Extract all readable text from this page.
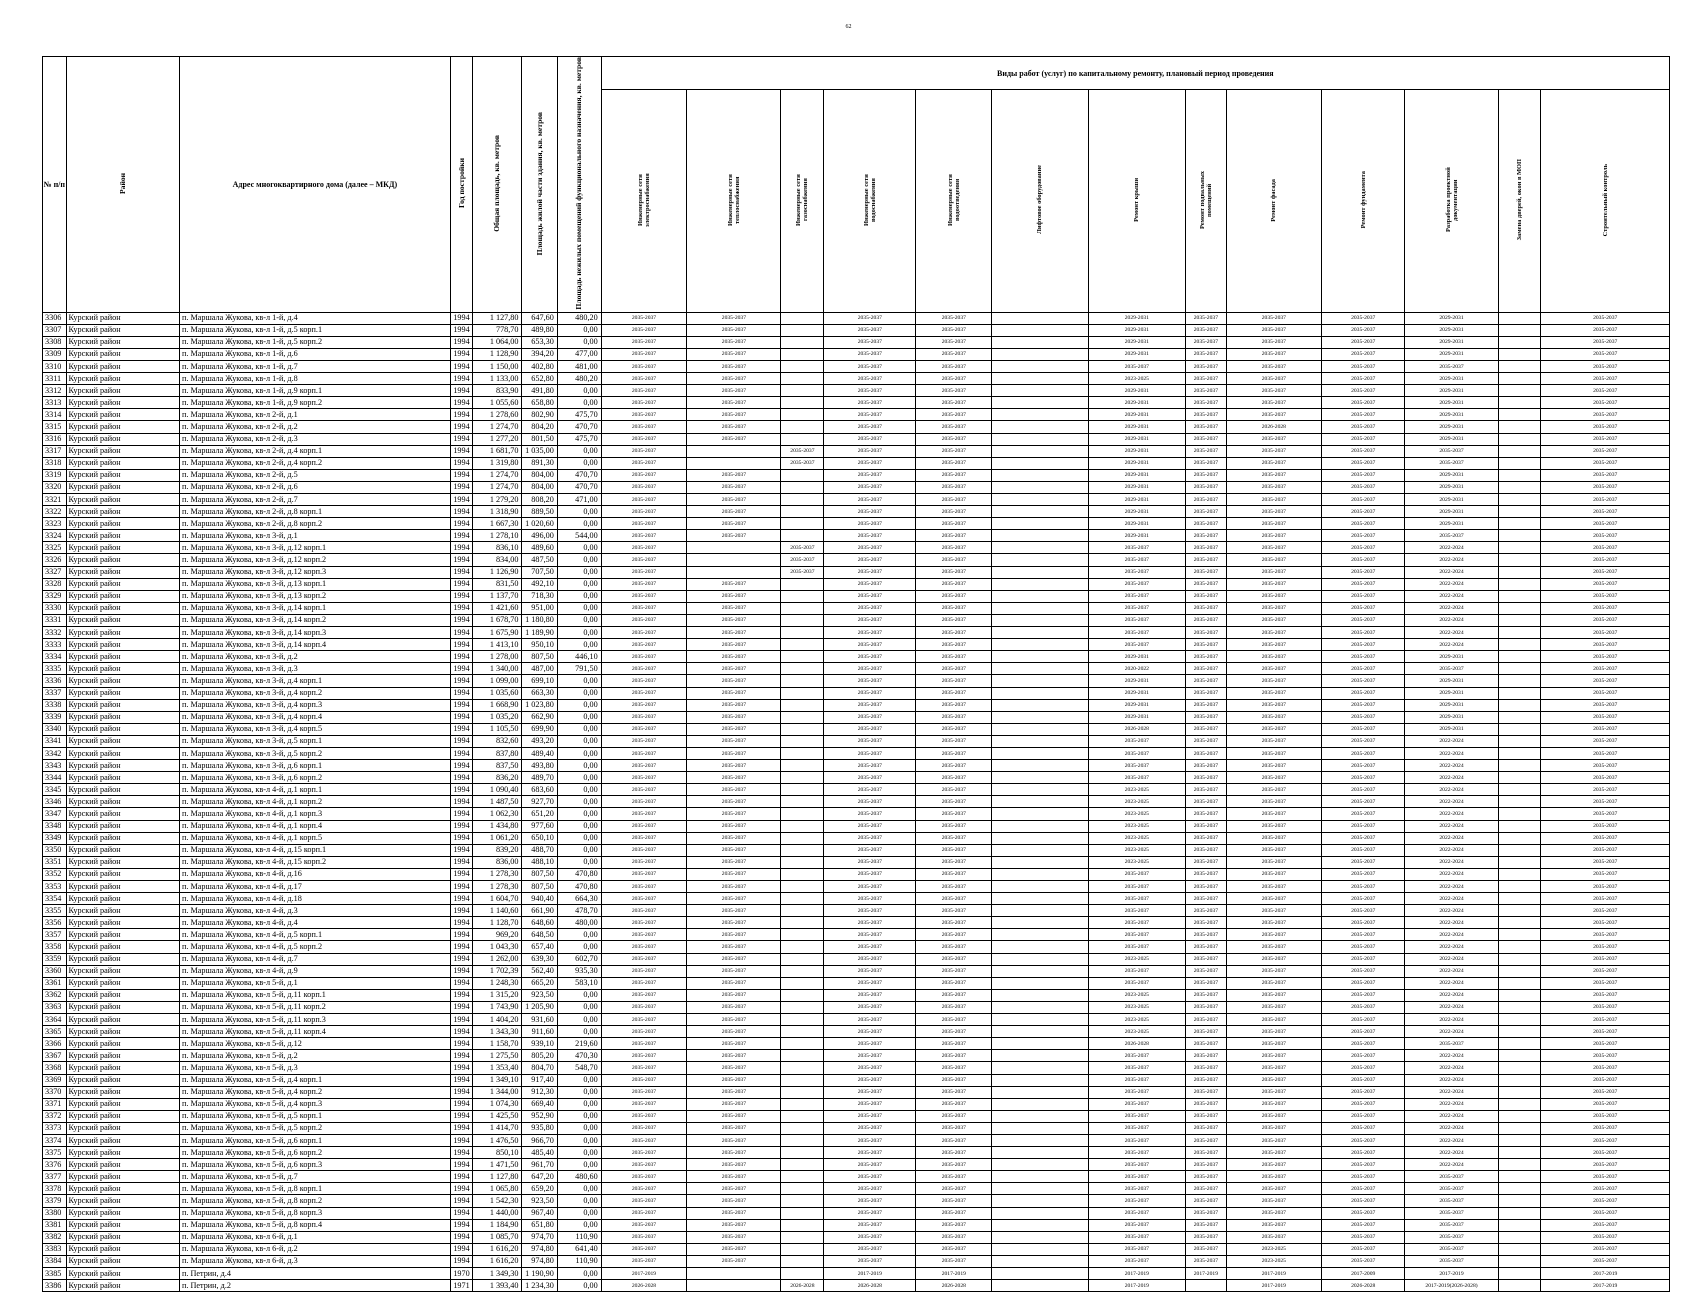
62
№ п/п	Район	Адрес многоквартирного дома (далее – МКД)	Год постройки	Общая площадь, кв. метров	Площадь жилой части здания, кв. метров	Площадь нежилых помещений функционального назначения, кв. метров	Виды работ (услуг) по капитальному ремонту, плановый период проведения												
							Инженерные сети электроснабжения	Инженерные сети теплоснабжения	Инженерные сети газоснабжения	Инженерные сети водоснабжения	Инженерные сети водоотведения	Лифтовое оборудование	Ремонт крыши	Ремонт подвальных помещений	Ремонт фасада	Ремонт фундамента	Разработка проектной документации	Замена дверей, окон в МОП	Строительный контроль
3306	Курский район	п. Маршала Жукова, кв-л 1-й, д.4	1994	1 127,80	647,60	480,20	2035-2037	2035-2037		2035-2037	2035-2037		2029-2031	2035-2037	2035-2037	2035-2037	2029-2031		2035-2037
3307	Курский район	п. Маршала Жукова, кв-л 1-й, д.5 корп.1	1994	778,70	489,80	0,00	2035-2037	2035-2037		2035-2037	2035-2037		2029-2031	2035-2037	2035-2037	2035-2037	2029-2031		2035-2037
3308	Курский район	п. Маршала Жукова, кв-л 1-й, д.5 корп.2	1994	1 064,00	653,30	0,00	2035-2037	2035-2037		2035-2037	2035-2037		2029-2031	2035-2037	2035-2037	2035-2037	2029-2031		2035-2037
3309	Курский район	п. Маршала Жукова, кв-л 1-й, д.6	1994	1 128,90	394,20	477,00	2035-2037	2035-2037		2035-2037	2035-2037		2029-2031	2035-2037	2035-2037	2035-2037	2029-2031		2035-2037
3310	Курский район	п. Маршала Жукова, кв-л 1-й, д.7	1994	1 150,00	402,80	481,00	2035-2037	2035-2037		2035-2037	2035-2037		2035-2037	2035-2037	2035-2037	2035-2037	2035-2037		2035-2037
3311	Курский район	п. Маршала Жукова, кв-л 1-й, д.8	1994	1 133,00	652,80	480,20	2035-2037	2035-2037		2035-2037	2035-2037		2023-2025	2035-2037	2035-2037	2035-2037	2029-2031		2035-2037
3312	Курский район	п. Маршала Жукова, кв-л 1-й, д.9 корп.1	1994	833,90	491,80	0,00	2035-2037	2035-2037		2035-2037	2035-2037		2029-2031	2035-2037	2035-2037	2035-2037	2029-2031		2035-2037
3313	Курский район	п. Маршала Жукова, кв-л 1-й, д.9 корп.2	1994	1 055,60	658,80	0,00	2035-2037	2035-2037		2035-2037	2035-2037		2029-2031	2035-2037	2035-2037	2035-2037	2029-2031		2035-2037
3314	Курский район	п. Маршала Жукова, кв-л 2-й, д.1	1994	1 278,60	802,90	475,70	2035-2037	2035-2037		2035-2037	2035-2037		2029-2031	2035-2037	2035-2037	2035-2037	2029-2031		2035-2037
3315	Курский район	п. Маршала Жукова, кв-л 2-й, д.2	1994	1 274,70	804,20	470,70	2035-2037	2035-2037		2035-2037	2035-2037		2029-2031	2035-2037	2026-2028	2035-2037	2029-2031		2035-2037
3316	Курский район	п. Маршала Жукова, кв-л 2-й, д.3	1994	1 277,20	801,50	475,70	2035-2037	2035-2037		2035-2037	2035-2037		2029-2031	2035-2037	2035-2037	2035-2037	2029-2031		2035-2037
3317	Курский район	п. Маршала Жукова, кв-л 2-й, д.4 корп.1	1994	1 681,70	1 035,00	0,00	2035-2037		2035-2037	2035-2037	2035-2037		2029-2031	2035-2037	2035-2037	2035-2037	2035-2037		2035-2037
3318	Курский район	п. Маршала Жукова, кв-л 2-й, д.4 корп.2	1994	1 319,80	891,30	0,00	2035-2037		2035-2037	2035-2037	2035-2037		2029-2031	2035-2037	2035-2037	2035-2037	2035-2037		2035-2037
3319	Курский район	п. Маршала Жукова, кв-л 2-й, д.5	1994	1 274,70	804,00	470,70	2035-2037	2035-2037		2035-2037	2035-2037		2029-2031	2035-2037	2035-2037	2035-2037	2029-2031		2035-2037
3320	Курский район	п. Маршала Жукова, кв-л 2-й, д.6	1994	1 274,70	804,00	470,70	2035-2037	2035-2037		2035-2037	2035-2037		2029-2031	2035-2037	2035-2037	2035-2037	2029-2031		2035-2037
3321	Курский район	п. Маршала Жукова, кв-л 2-й, д.7	1994	1 279,20	808,20	471,00	2035-2037	2035-2037		2035-2037	2035-2037		2029-2031	2035-2037	2035-2037	2035-2037	2029-2031		2035-2037
3322	Курский район	п. Маршала Жукова, кв-л 2-й, д.8 корп.1	1994	1 318,90	889,50	0,00	2035-2037	2035-2037		2035-2037	2035-2037		2029-2031	2035-2037	2035-2037	2035-2037	2029-2031		2035-2037
3323	Курский район	п. Маршала Жукова, кв-л 2-й, д.8 корп.2	1994	1 667,30	1 020,60	0,00	2035-2037	2035-2037		2035-2037	2035-2037		2029-2031	2035-2037	2035-2037	2035-2037	2029-2031		2035-2037
3324	Курский район	п. Маршала Жукова, кв-л 3-й, д.1	1994	1 278,10	496,00	544,00	2035-2037	2035-2037		2035-2037	2035-2037		2029-2031	2035-2037	2035-2037	2035-2037	2035-2037		2035-2037
3325	Курский район	п. Маршала Жукова, кв-л 3-й, д.12 корп.1	1994	836,10	489,60	0,00	2035-2037		2035-2037	2035-2037	2035-2037		2035-2037	2035-2037	2035-2037	2035-2037	2022-2024		2035-2037
3326	Курский район	п. Маршала Жукова, кв-л 3-й, д.12 корп.2	1994	834,00	487,50	0,00	2035-2037		2035-2037	2035-2037	2035-2037		2035-2037	2035-2037	2035-2037	2035-2037	2022-2024		2035-2037
3327	Курский район	п. Маршала Жукова, кв-л 3-й, д.12 корп.3	1994	1 126,90	707,50	0,00	2035-2037		2035-2037	2035-2037	2035-2037		2035-2037	2035-2037	2035-2037	2035-2037	2022-2024		2035-2037
3328	Курский район	п. Маршала Жукова, кв-л 3-й, д.13 корп.1	1994	831,50	492,10	0,00	2035-2037	2035-2037		2035-2037	2035-2037		2035-2037	2035-2037	2035-2037	2035-2037	2022-2024		2035-2037
3329	Курский район	п. Маршала Жукова, кв-л 3-й, д.13 корп.2	1994	1 137,70	718,30	0,00	2035-2037	2035-2037		2035-2037	2035-2037		2035-2037	2035-2037	2035-2037	2035-2037	2022-2024		2035-2037
3330	Курский район	п. Маршала Жукова, кв-л 3-й, д.14 корп.1	1994	1 421,60	951,00	0,00	2035-2037	2035-2037		2035-2037	2035-2037		2035-2037	2035-2037	2035-2037	2035-2037	2022-2024		2035-2037
3331	Курский район	п. Маршала Жукова, кв-л 3-й, д.14 корп.2	1994	1 678,70	1 180,80	0,00	2035-2037	2035-2037		2035-2037	2035-2037		2035-2037	2035-2037	2035-2037	2035-2037	2022-2024		2035-2037
3332	Курский район	п. Маршала Жукова, кв-л 3-й, д.14 корп.3	1994	1 675,90	1 189,90	0,00	2035-2037	2035-2037		2035-2037	2035-2037		2035-2037	2035-2037	2035-2037	2035-2037	2022-2024		2035-2037
3333	Курский район	п. Маршала Жукова, кв-л 3-й, д.14 корп.4	1994	1 413,10	950,10	0,00	2035-2037	2035-2037		2035-2037	2035-2037		2035-2037	2035-2037	2035-2037	2035-2037	2022-2024		2035-2037
3334	Курский район	п. Маршала Жукова, кв-л 3-й, д.2	1994	1 278,00	807,50	446,10	2035-2037	2035-2037		2035-2037	2035-2037		2029-2031	2035-2037	2035-2037	2035-2037	2029-2031		2035-2037
3335	Курский район	п. Маршала Жукова, кв-л 3-й, д.3	1994	1 340,00	487,00	791,50	2035-2037	2035-2037		2035-2037	2035-2037		2020-2022	2035-2037	2035-2037	2035-2037	2035-2037		2035-2037
3336	Курский район	п. Маршала Жукова, кв-л 3-й, д.4 корп.1	1994	1 099,00	699,10	0,00	2035-2037	2035-2037		2035-2037	2035-2037		2029-2031	2035-2037	2035-2037	2035-2037	2029-2031		2035-2037
3337	Курский район	п. Маршала Жукова, кв-л 3-й, д.4 корп.2	1994	1 035,60	663,30	0,00	2035-2037	2035-2037		2035-2037	2035-2037		2029-2031	2035-2037	2035-2037	2035-2037	2029-2031		2035-2037
3338	Курский район	п. Маршала Жукова, кв-л 3-й, д.4 корп.3	1994	1 668,90	1 023,80	0,00	2035-2037	2035-2037		2035-2037	2035-2037		2029-2031	2035-2037	2035-2037	2035-2037	2029-2031		2035-2037
3339	Курский район	п. Маршала Жукова, кв-л 3-й, д.4 корп.4	1994	1 035,20	662,90	0,00	2035-2037	2035-2037		2035-2037	2035-2037		2029-2031	2035-2037	2035-2037	2035-2037	2029-2031		2035-2037
3340	Курский район	п. Маршала Жукова, кв-л 3-й, д.4 корп.5	1994	1 105,50	699,90	0,00	2035-2037	2035-2037		2035-2037	2035-2037		2026-2028	2035-2037	2035-2037	2035-2037	2029-2031		2035-2037
3341	Курский район	п. Маршала Жукова, кв-л 3-й, д.5 корп.1	1994	832,60	493,20	0,00	2035-2037	2035-2037		2035-2037	2035-2037		2035-2037	2035-2037	2035-2037	2035-2037	2022-2024		2035-2037
3342	Курский район	п. Маршала Жукова, кв-л 3-й, д.5 корп.2	1994	837,80	489,40	0,00	2035-2037	2035-2037		2035-2037	2035-2037		2035-2037	2035-2037	2035-2037	2035-2037	2022-2024		2035-2037
3343	Курский район	п. Маршала Жукова, кв-л 3-й, д.6 корп.1	1994	837,50	493,80	0,00	2035-2037	2035-2037		2035-2037	2035-2037		2035-2037	2035-2037	2035-2037	2035-2037	2022-2024		2035-2037
3344	Курский район	п. Маршала Жукова, кв-л 3-й, д.6 корп.2	1994	836,20	489,70	0,00	2035-2037	2035-2037		2035-2037	2035-2037		2035-2037	2035-2037	2035-2037	2035-2037	2022-2024		2035-2037
3345	Курский район	п. Маршала Жукова, кв-л 4-й, д.1 корп.1	1994	1 090,40	683,60	0,00	2035-2037	2035-2037		2035-2037	2035-2037		2023-2025	2035-2037	2035-2037	2035-2037	2022-2024		2035-2037
3346	Курский район	п. Маршала Жукова, кв-л 4-й, д.1 корп.2	1994	1 487,50	927,70	0,00	2035-2037	2035-2037		2035-2037	2035-2037		2023-2025	2035-2037	2035-2037	2035-2037	2022-2024		2035-2037
3347	Курский район	п. Маршала Жукова, кв-л 4-й, д.1 корп.3	1994	1 062,30	651,20	0,00	2035-2037	2035-2037		2035-2037	2035-2037		2023-2025	2035-2037	2035-2037	2035-2037	2022-2024		2035-2037
3348	Курский район	п. Маршала Жукова, кв-л 4-й, д.1 корп.4	1994	1 434,80	977,60	0,00	2035-2037	2035-2037		2035-2037	2035-2037		2023-2025	2035-2037	2035-2037	2035-2037	2022-2024		2035-2037
3349	Курский район	п. Маршала Жукова, кв-л 4-й, д.1 корп.5	1994	1 061,20	650,10	0,00	2035-2037	2035-2037		2035-2037	2035-2037		2023-2025	2035-2037	2035-2037	2035-2037	2022-2024		2035-2037
3350	Курский район	п. Маршала Жукова, кв-л 4-й, д.15 корп.1	1994	839,20	488,70	0,00	2035-2037	2035-2037		2035-2037	2035-2037		2023-2025	2035-2037	2035-2037	2035-2037	2022-2024		2035-2037
3351	Курский район	п. Маршала Жукова, кв-л 4-й, д.15 корп.2	1994	836,00	488,10	0,00	2035-2037	2035-2037		2035-2037	2035-2037		2023-2025	2035-2037	2035-2037	2035-2037	2022-2024		2035-2037
3352	Курский район	п. Маршала Жукова, кв-л 4-й, д.16	1994	1 278,30	807,50	470,80	2035-2037	2035-2037		2035-2037	2035-2037		2035-2037	2035-2037	2035-2037	2035-2037	2022-2024		2035-2037
3353	Курский район	п. Маршала Жукова, кв-л 4-й, д.17	1994	1 278,30	807,50	470,80	2035-2037	2035-2037		2035-2037	2035-2037		2035-2037	2035-2037	2035-2037	2035-2037	2022-2024		2035-2037
3354	Курский район	п. Маршала Жукова, кв-л 4-й, д.18	1994	1 604,70	940,40	664,30	2035-2037	2035-2037		2035-2037	2035-2037		2035-2037	2035-2037	2035-2037	2035-2037	2022-2024		2035-2037
3355	Курский район	п. Маршала Жукова, кв-л 4-й, д.3	1994	1 140,60	661,90	478,70	2035-2037	2035-2037		2035-2037	2035-2037		2035-2037	2035-2037	2035-2037	2035-2037	2022-2024		2035-2037
3356	Курский район	п. Маршала Жукова, кв-л 4-й, д.4	1994	1 128,70	648,60	480,00	2035-2037	2035-2037		2035-2037	2035-2037		2035-2037	2035-2037	2035-2037	2035-2037	2022-2024		2035-2037
3357	Курский район	п. Маршала Жукова, кв-л 4-й, д.5 корп.1	1994	969,20	648,50	0,00	2035-2037	2035-2037		2035-2037	2035-2037		2035-2037	2035-2037	2035-2037	2035-2037	2022-2024		2035-2037
3358	Курский район	п. Маршала Жукова, кв-л 4-й, д.5 корп.2	1994	1 043,30	657,40	0,00	2035-2037	2035-2037		2035-2037	2035-2037		2035-2037	2035-2037	2035-2037	2035-2037	2022-2024		2035-2037
3359	Курский район	п. Маршала Жукова, кв-л 4-й, д.7	1994	1 262,00	639,30	602,70	2035-2037	2035-2037		2035-2037	2035-2037		2023-2025	2035-2037	2035-2037	2035-2037	2022-2024		2035-2037
3360	Курский район	п. Маршала Жукова, кв-л 4-й, д.9	1994	1 702,39	562,40	935,30	2035-2037	2035-2037		2035-2037	2035-2037		2035-2037	2035-2037	2035-2037	2035-2037	2022-2024		2035-2037
3361	Курский район	п. Маршала Жукова, кв-л 5-й, д.1	1994	1 248,30	665,20	583,10	2035-2037	2035-2037		2035-2037	2035-2037		2035-2037	2035-2037	2035-2037	2035-2037	2022-2024		2035-2037
3362	Курский район	п. Маршала Жукова, кв-л 5-й, д.11 корп.1	1994	1 315,20	923,50	0,00	2035-2037	2035-2037		2035-2037	2035-2037		2023-2025	2035-2037	2035-2037	2035-2037	2022-2024		2035-2037
3363	Курский район	п. Маршала Жукова, кв-л 5-й, д.11 корп.2	1994	1 743,90	1 205,90	0,00	2035-2037	2035-2037		2035-2037	2035-2037		2023-2025	2035-2037	2035-2037	2035-2037	2022-2024		2035-2037
3364	Курский район	п. Маршала Жукова, кв-л 5-й, д.11 корп.3	1994	1 404,20	931,60	0,00	2035-2037	2035-2037		2035-2037	2035-2037		2023-2025	2035-2037	2035-2037	2035-2037	2022-2024		2035-2037
3365	Курский район	п. Маршала Жукова, кв-л 5-й, д.11 корп.4	1994	1 343,30	911,60	0,00	2035-2037	2035-2037		2035-2037	2035-2037		2023-2025	2035-2037	2035-2037	2035-2037	2022-2024		2035-2037
3366	Курский район	п. Маршала Жукова, кв-л 5-й, д.12	1994	1 158,70	939,10	219,60	2035-2037	2035-2037		2035-2037	2035-2037		2026-2028	2035-2037	2035-2037	2035-2037	2035-2037		2035-2037
3367	Курский район	п. Маршала Жукова, кв-л 5-й, д.2	1994	1 275,50	805,20	470,30	2035-2037	2035-2037		2035-2037	2035-2037		2035-2037	2035-2037	2035-2037	2035-2037	2022-2024		2035-2037
3368	Курский район	п. Маршала Жукова, кв-л 5-й, д.3	1994	1 353,40	804,70	548,70	2035-2037	2035-2037		2035-2037	2035-2037		2035-2037	2035-2037	2035-2037	2035-2037	2022-2024		2035-2037
3369	Курский район	п. Маршала Жукова, кв-л 5-й, д.4 корп.1	1994	1 349,10	917,40	0,00	2035-2037	2035-2037		2035-2037	2035-2037		2035-2037	2035-2037	2035-2037	2035-2037	2022-2024		2035-2037
3370	Курский район	п. Маршала Жукова, кв-л 5-й, д.4 корп.2	1994	1 344,00	912,30	0,00	2035-2037	2035-2037		2035-2037	2035-2037		2035-2037	2035-2037	2035-2037	2035-2037	2022-2024		2035-2037
3371	Курский район	п. Маршала Жукова, кв-л 5-й, д.4 корп.3	1994	1 074,30	669,40	0,00	2035-2037	2035-2037		2035-2037	2035-2037		2035-2037	2035-2037	2035-2037	2035-2037	2022-2024		2035-2037
3372	Курский район	п. Маршала Жукова, кв-л 5-й, д.5 корп.1	1994	1 425,50	952,90	0,00	2035-2037	2035-2037		2035-2037	2035-2037		2035-2037	2035-2037	2035-2037	2035-2037	2022-2024		2035-2037
3373	Курский район	п. Маршала Жукова, кв-л 5-й, д.5 корп.2	1994	1 414,70	935,80	0,00	2035-2037	2035-2037		2035-2037	2035-2037		2035-2037	2035-2037	2035-2037	2035-2037	2022-2024		2035-2037
3374	Курский район	п. Маршала Жукова, кв-л 5-й, д.6 корп.1	1994	1 476,50	966,70	0,00	2035-2037	2035-2037		2035-2037	2035-2037		2035-2037	2035-2037	2035-2037	2035-2037	2022-2024		2035-2037
3375	Курский район	п. Маршала Жукова, кв-л 5-й, д.6 корп.2	1994	850,10	485,40	0,00	2035-2037	2035-2037		2035-2037	2035-2037		2035-2037	2035-2037	2035-2037	2035-2037	2022-2024		2035-2037
3376	Курский район	п. Маршала Жукова, кв-л 5-й, д.6 корп.3	1994	1 471,50	961,70	0,00	2035-2037	2035-2037		2035-2037	2035-2037		2035-2037	2035-2037	2035-2037	2035-2037	2022-2024		2035-2037
3377	Курский район	п. Маршала Жукова, кв-л 5-й, д.7	1994	1 127,80	647,20	480,60	2035-2037	2035-2037		2035-2037	2035-2037		2035-2037	2035-2037	2035-2037	2035-2037	2035-2037		2035-2037
3378	Курский район	п. Маршала Жукова, кв-л 5-й, д.8 корп.1	1994	1 065,80	659,20	0,00	2035-2037	2035-2037		2035-2037	2035-2037		2035-2037	2035-2037	2035-2037	2035-2037	2035-2037		2035-2037
3379	Курский район	п. Маршала Жукова, кв-л 5-й, д.8 корп.2	1994	1 542,30	923,50	0,00	2035-2037	2035-2037		2035-2037	2035-2037		2035-2037	2035-2037	2035-2037	2035-2037	2035-2037		2035-2037
3380	Курский район	п. Маршала Жукова, кв-л 5-й, д.8 корп.3	1994	1 440,00	967,40	0,00	2035-2037	2035-2037		2035-2037	2035-2037		2035-2037	2035-2037	2035-2037	2035-2037	2035-2037		2035-2037
3381	Курский район	п. Маршала Жукова, кв-л 5-й, д.8 корп.4	1994	1 184,90	651,80	0,00	2035-2037	2035-2037		2035-2037	2035-2037		2035-2037	2035-2037	2035-2037	2035-2037	2035-2037		2035-2037
3382	Курский район	п. Маршала Жукова, кв-л 6-й, д.1	1994	1 085,70	974,70	110,90	2035-2037	2035-2037		2035-2037	2035-2037		2035-2037	2035-2037	2035-2037	2035-2037	2035-2037		2035-2037
3383	Курский район	п. Маршала Жукова, кв-л 6-й, д.2	1994	1 616,20	974,80	641,40	2035-2037	2035-2037		2035-2037	2035-2037		2035-2037	2035-2037	2023-2025	2035-2037	2035-2037		2035-2037
3384	Курский район	п. Маршала Жукова, кв-л 6-й, д.3	1994	1 616,20	974,80	110,90	2035-2037	2035-2037		2035-2037	2035-2037		2035-2037	2035-2037	2023-2025	2035-2037	2035-2037		2035-2037
3385	Курский район	п. Петрин, д.4	1970	1 349,30	1 190,90	0,00	2017-2019			2017-2019	2017-2019		2017-2019	2017-2019	2017-2019	2017-2009	2017-2019		2017-2019
3386	Курский район	п. Петрин, д.2	1971	1 393,40	1 234,30	0,00	2026-2028		2026-2028	2026-2028	2026-2028		2017-2019		2017-2019	2026-2028	2017-2019(2026-2028)		2017-2019
